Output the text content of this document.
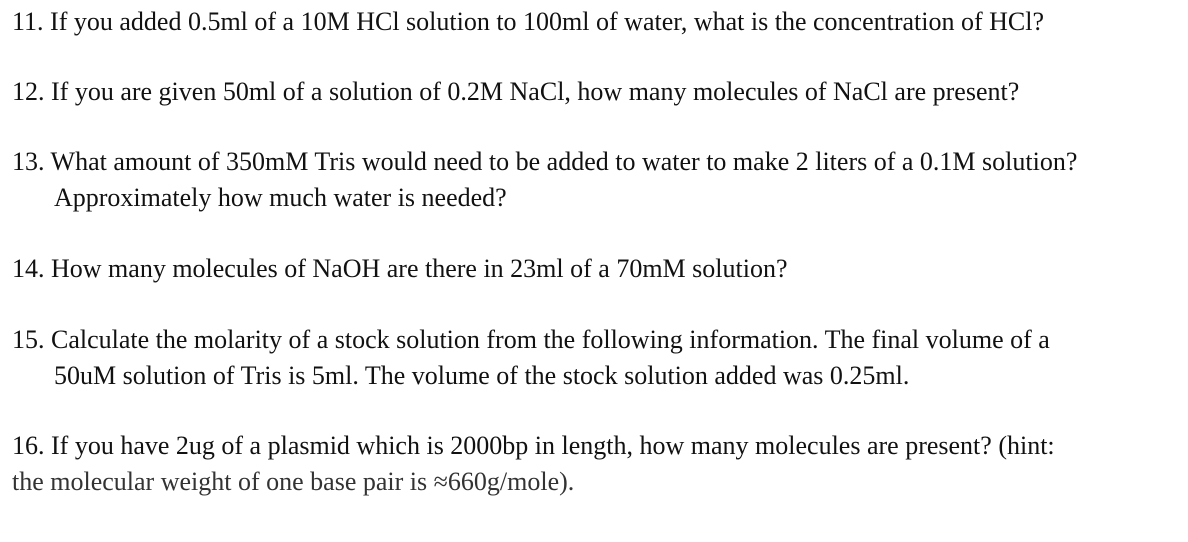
11. If you added 0.5ml of a 10M HCl solution to 100ml of water, what is the concentration of HCl?
12. If you are given 50ml of a solution of 0.2M NaCl, how many molecules of NaCl are present?
13. What amount of 350mM Tris would need to be added to water to make 2 liters of a 0.1M solution?
Approximately how much water is needed?
14. How many molecules of NaOH are there in 23ml of a 70mM solution?
15. Calculate the molarity of a stock solution from the following information. The final volume of a
50uM solution of Tris is 5ml. The volume of the stock solution added was 0.25ml.
16. If you have 2ug of a plasmid which is 2000bp in length, how many molecules are present? (hint:
the molecular weight of one base pair is ≈660g/mole).
